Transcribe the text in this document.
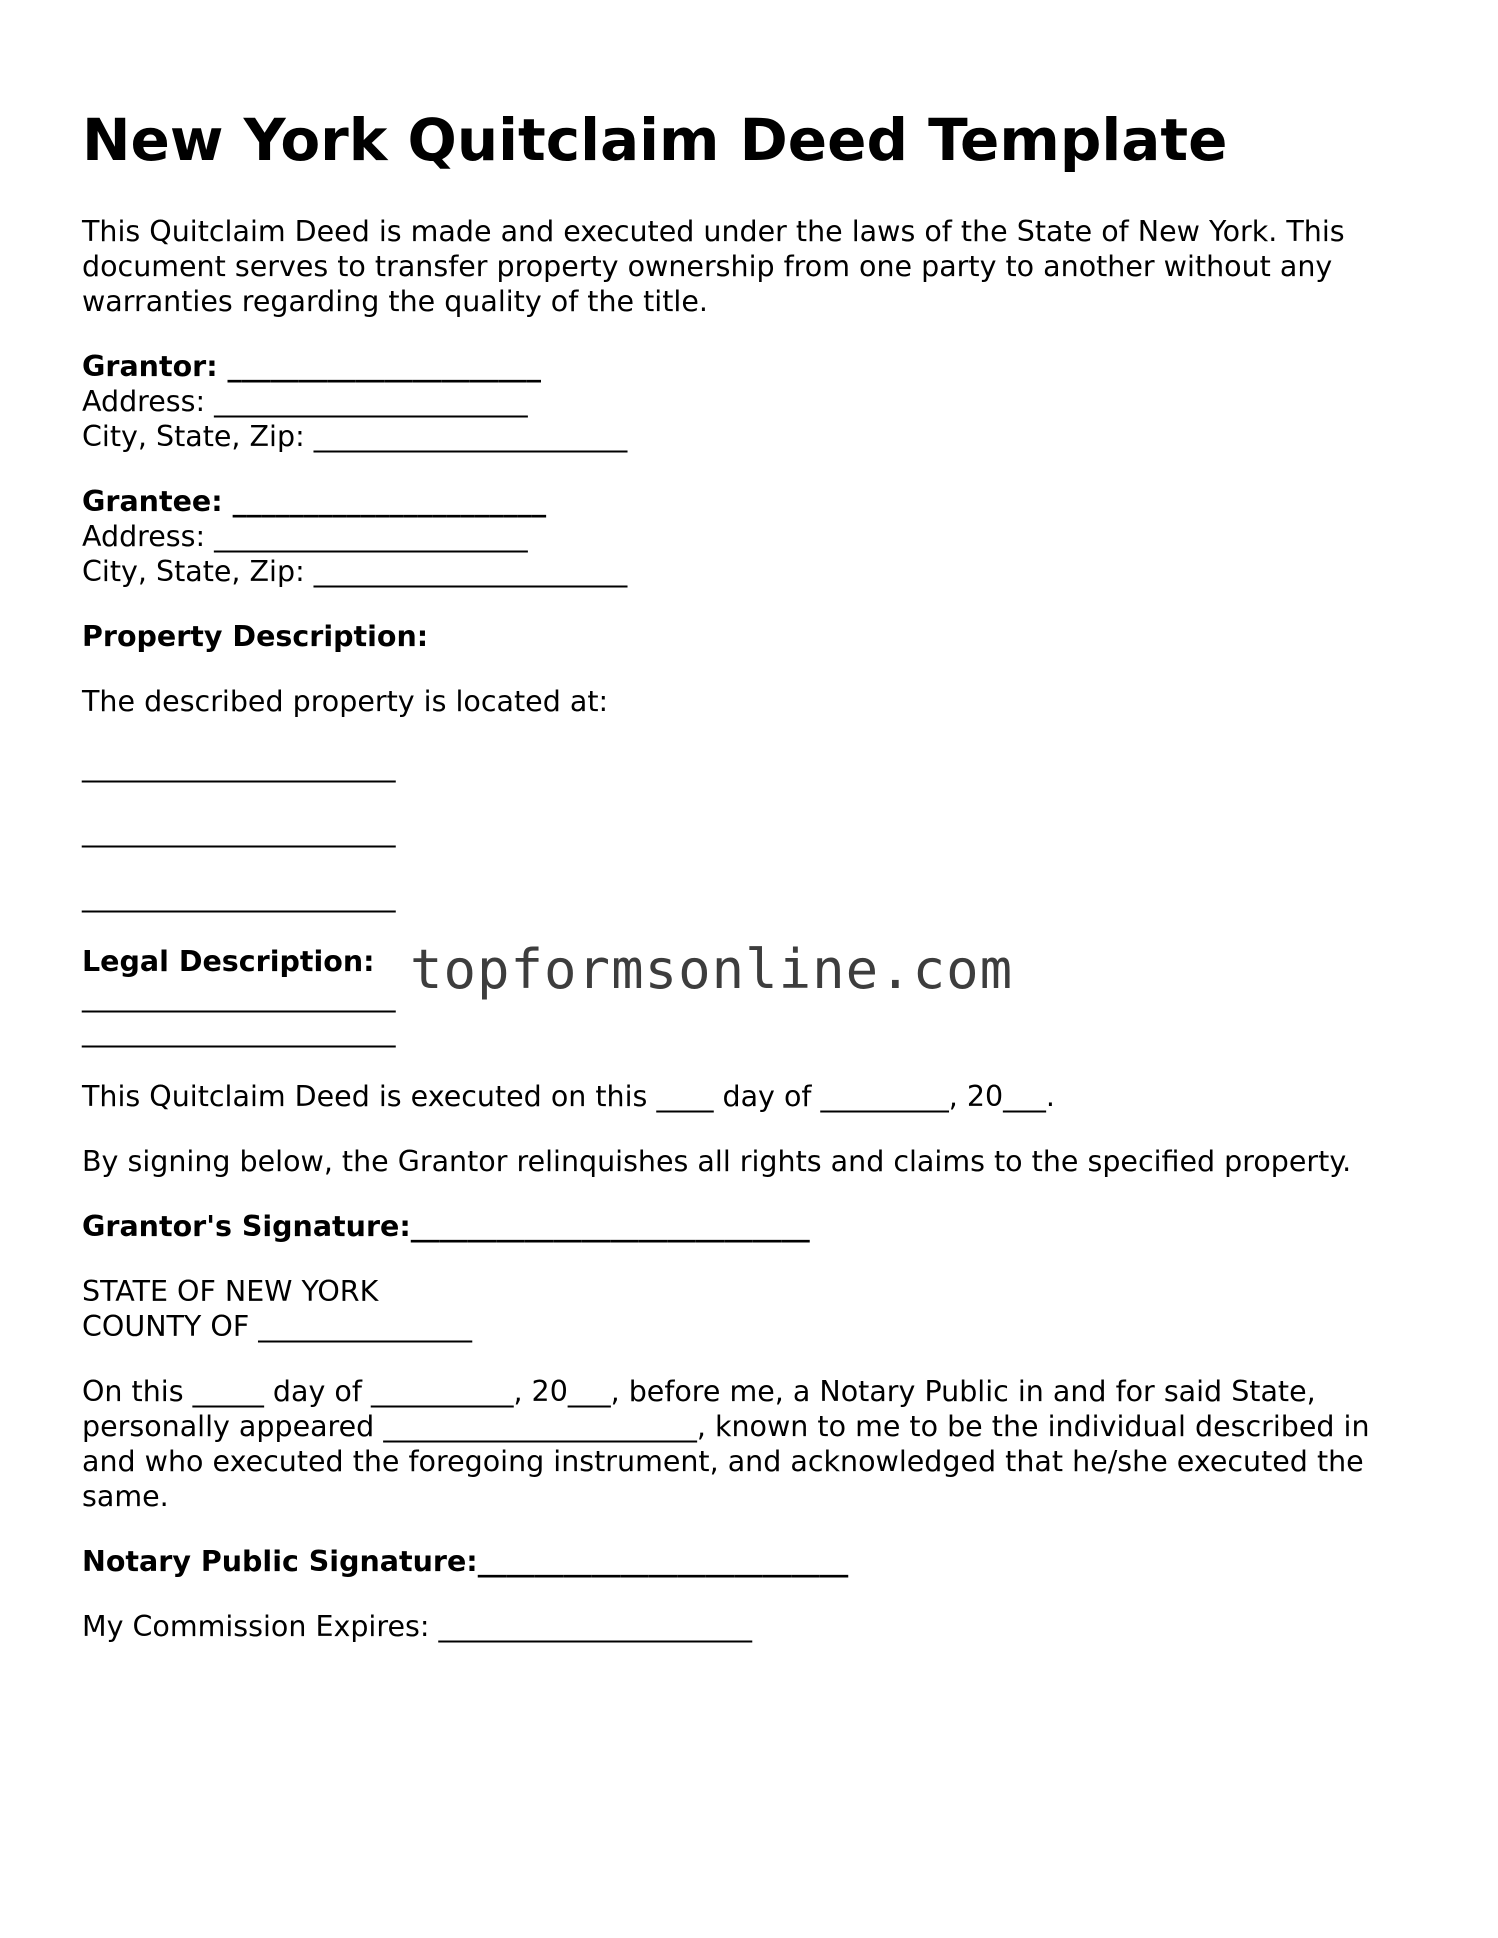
New York Quitclaim Deed Template

This Quitclaim Deed is made and executed under the laws of the State of New York. This
document serves to transfer property ownership from one party to another without any
warranties regarding the quality of the title.

Grantor: ______________________
Address: ______________________
City, State, Zip: ______________________
Grantee: ______________________
Address: ______________________
City, State, Zip: ______________________

Property Description:

The described property is located at:

______________________
______________________
______________________
Legal Description:
______________________
______________________

This Quitclaim Deed is executed on this ____ day of _________, 20___.

By signing below, the Grantor relinquishes all rights and claims to the specified property.

Grantor's Signature:____________________________

STATE OF NEW YORK
COUNTY OF _______________

On this _____ day of __________, 20___, before me, a Notary Public in and for said State,
personally appeared ______________________, known to me to be the individual described in
and who executed the foregoing instrument, and acknowledged that he/she executed the
same.

Notary Public Signature:__________________________

My Commission Expires: ______________________

topformsonline.com
